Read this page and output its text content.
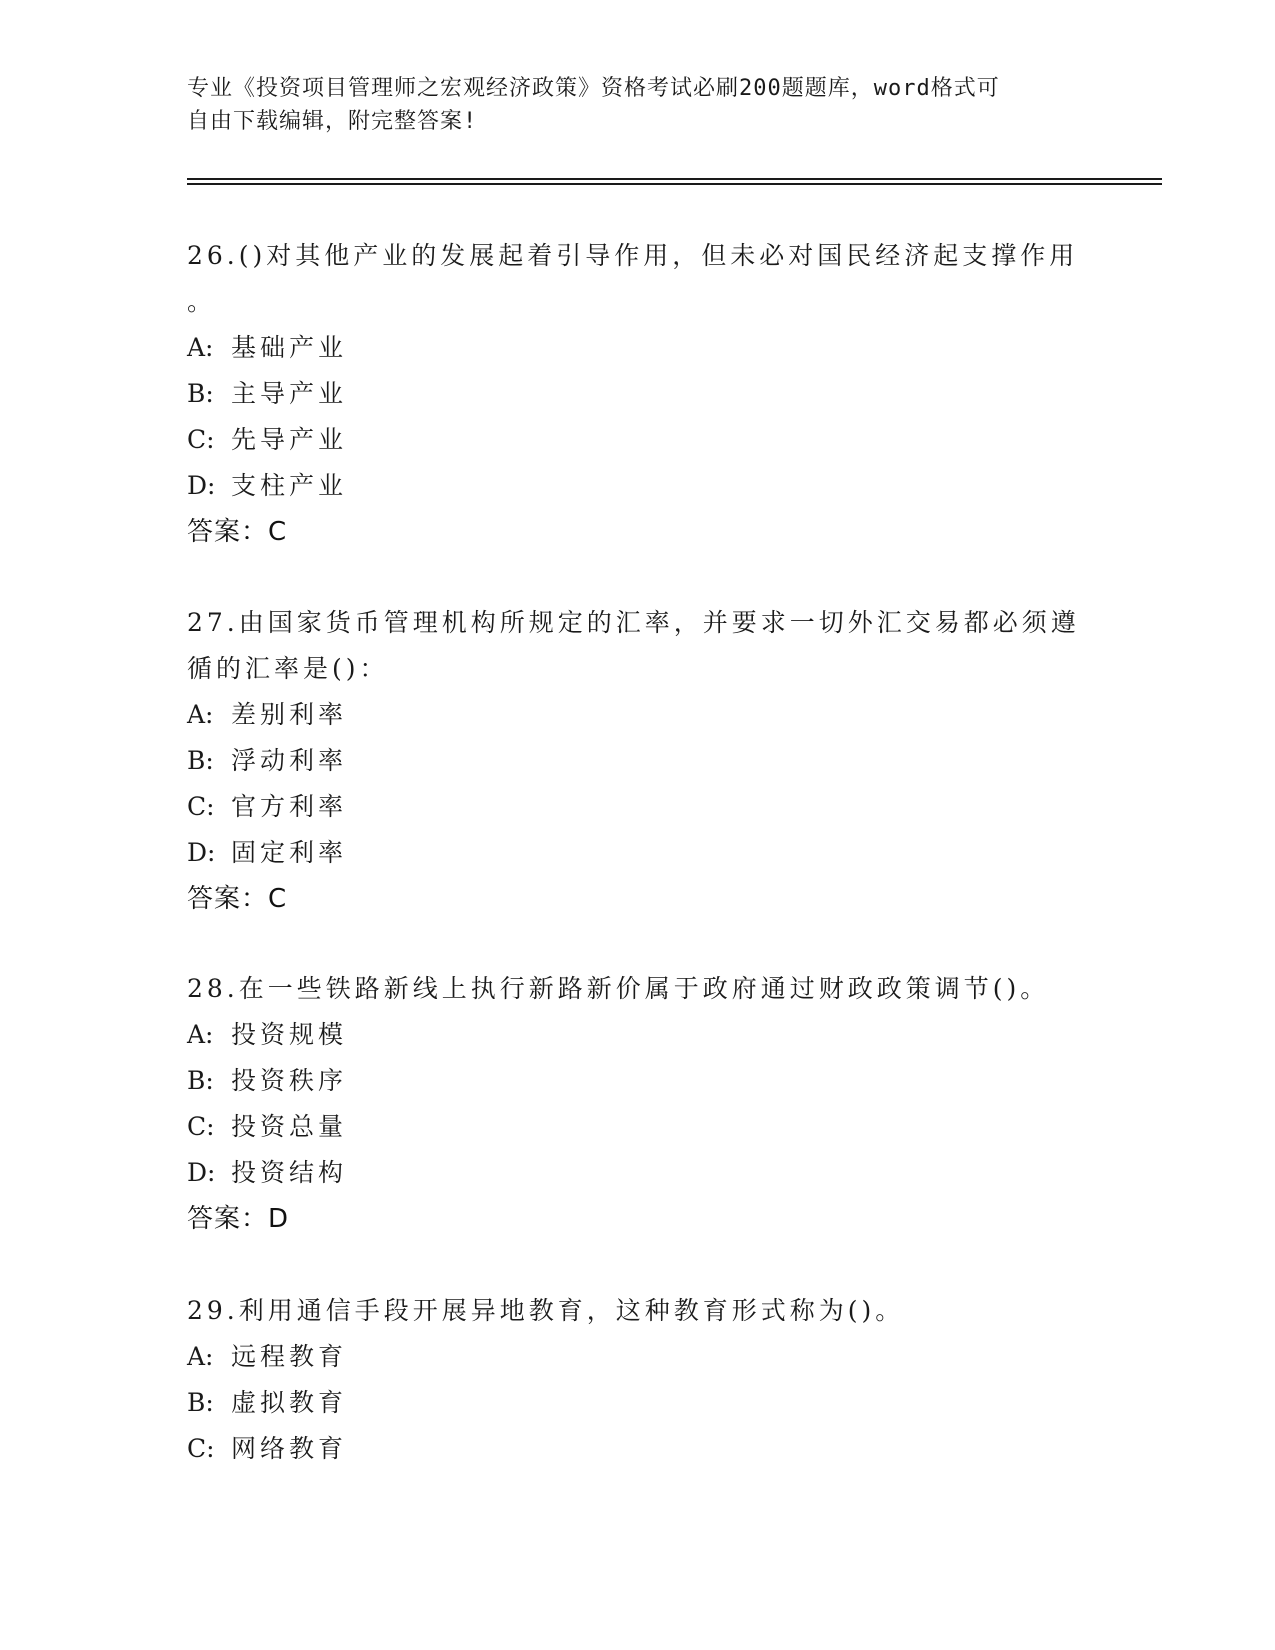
专业《投资项目管理师之宏观经济政策》资格考试必刷200题题库，word格式可
自由下载编辑，附完整答案!
26.()对其他产业的发展起着引导作用，但未必对国民经济起支撑作用
。
A: 基础产业
B: 主导产业
C: 先导产业
D: 支柱产业
答案：C
27.由国家货币管理机构所规定的汇率，并要求一切外汇交易都必须遵
循的汇率是()：
A: 差别利率
B: 浮动利率
C: 官方利率
D: 固定利率
答案：C
28.在一些铁路新线上执行新路新价属于政府通过财政政策调节()。
A: 投资规模
B: 投资秩序
C: 投资总量
D: 投资结构
答案：D
29.利用通信手段开展异地教育，这种教育形式称为()。
A: 远程教育
B: 虚拟教育
C: 网络教育
